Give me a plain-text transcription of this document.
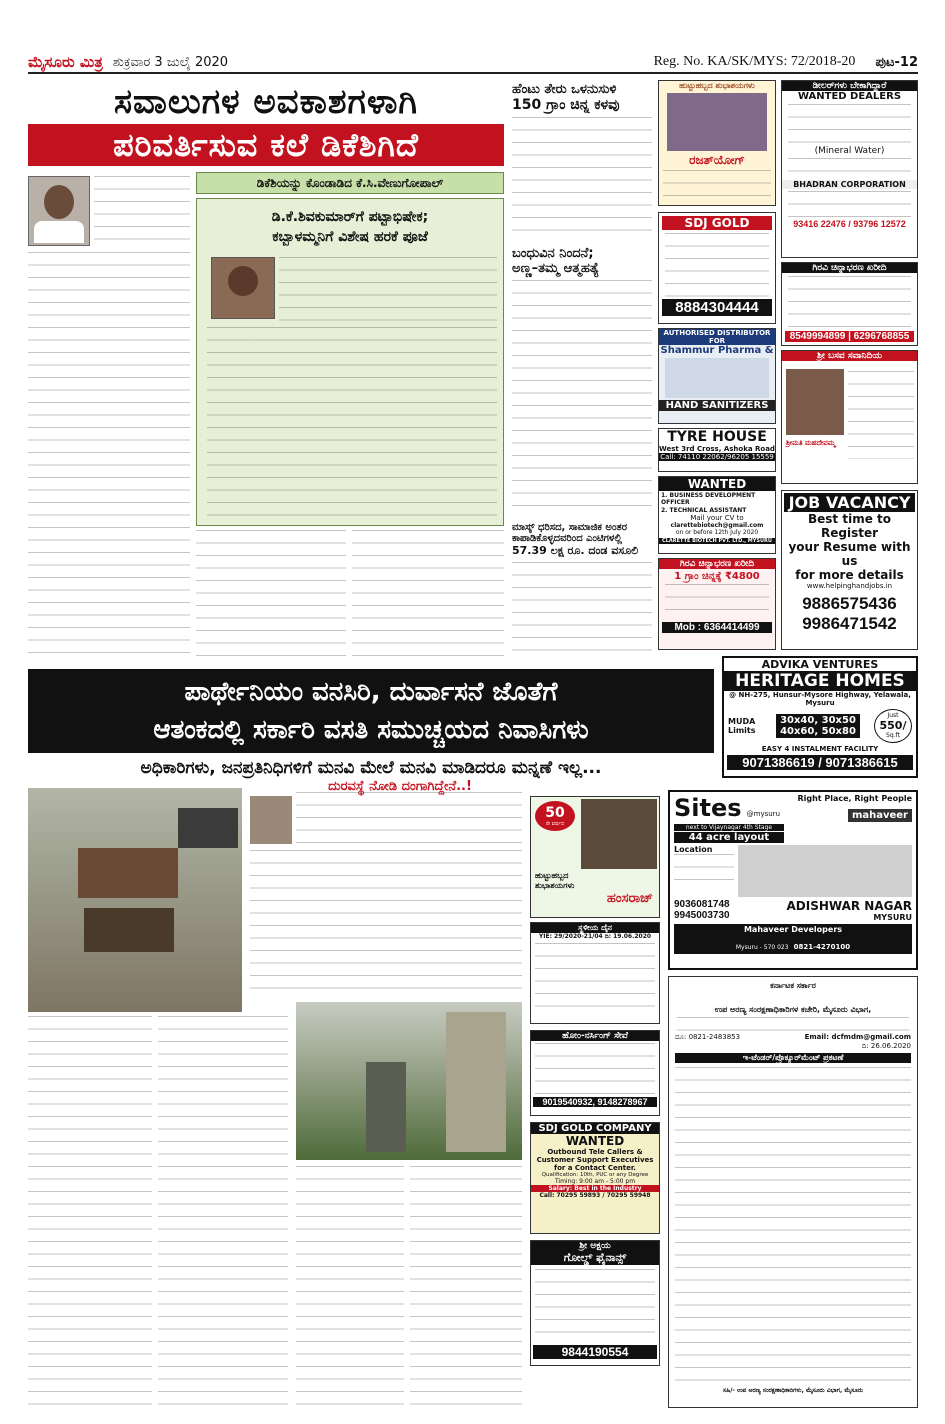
ಮೈಸೂರು ಮಿತ್ರ ಶುಕ್ರವಾರ 3 ಜುಲೈ 2020	Reg. No. KA/SK/MYS: 72/2018-20 ಪುಟ-12
ಸವಾಲುಗಳ ಅವಕಾಶಗಳಾಗಿ
ಪರಿವರ್ತಿಸುವ ಕಲೆ ಡಿಕೆಶಿಗಿದೆ
ಡಿಕೆಶಿಯನ್ನು ಕೊಂಡಾಡಿದ ಕೆ.ಸಿ.ವೇಣುಗೋಪಾಲ್
ಡಿ.ಕೆ.ಶಿವಕುಮಾರ್‌ಗೆ ಪಟ್ಟಾಭಿಷೇಕ;
ಕಬ್ಬಾಳಮ್ಮನಿಗೆ ವಿಶೇಷ ಹರಕೆ ಪೂಜೆ
ಹೆಂಟು ತೇರು ಒಳನುಸುಳಿ
150 ಗ್ರಾಂ ಚಿನ್ನ ಕಳವು
ಬಂಧುವಿನ ನಿಂದನೆ;
ಅಣ್ಣ–ತಮ್ಮ ಆತ್ಮಹತ್ಯೆ
ಮಾಸ್ಕ್ ಧರಿಸದ, ಸಾಮಾಜಿಕ ಅಂತರ
ಕಾಪಾಡಿಕೊಳ್ಳದವರಿಂದ ಎಂಟಿಗಳಲ್ಲಿ
57.39 ಲಕ್ಷ ರೂ. ದಂಡ ವಸೂಲಿ
ಹುಟ್ಟುಹಬ್ಬದ ಶುಭಾಶಯಗಳು
ರಜತ್‌ಯೋಗ್
SDJ GOLD
8884304444
AUTHORISED DISTRIBUTOR FOR
Shammur Pharma &
HAND SANITIZERS
TYRE HOUSE
West 3rd Cross, Ashoka Road
Call: 74110 22062/96205 15559
WANTED
1. BUSINESS DEVELOPMENT OFFICER
2. TECHNICAL ASSISTANT
Mail your CV to
clarettebiotech@gmail.com
on or before 12th July 2020
CLARETTE BIOTECH PVT. LTD., MYSURU
ಗಿರವಿ ಚಿನ್ನಾಭರಣ ಖರೀದಿ
1 ಗ್ರಾಂ ಚಿನ್ನಕ್ಕೆ ₹4800
Mob : 6364414499
ಡೀಲರ್‌ಗಳು ಬೇಕಾಗಿದ್ದಾರೆ
WANTED DEALERS
(Mineral Water)
BHADRAN CORPORATION
93416 22476 / 93796 12572
ಗಿರವಿ ಚಿನ್ನಾಭರಣ ಖರೀದಿ
8549994899 | 6296768855
ಶ್ರೀ ಬಸವ ಸವಾನಿದಿಯ
ಶ್ರೀಮತಿ ಮಹದೇವಮ್ಮ
JOB VACANCY
Best time to Register
your Resume with us
for more details
www.helpinghandjobs.in
9886575436
9986471542
ADVIKA VENTURES
HERITAGE HOMES
@ NH-275, Hunsur-Mysore Highway, Yelawala, Mysuru
MUDA Limits
30x40, 30x50
40x60, 50x80
Just
550/
Sq.ft
EASY 4 INSTALMENT FACILITY
9071386619 / 9071386615
ಪಾರ್ಥೇನಿಯಂ ವನಸಿರಿ, ದುರ್ವಾಸನೆ ಜೊತೆಗೆ
ಆತಂಕದಲ್ಲಿ ಸರ್ಕಾರಿ ವಸತಿ ಸಮುಚ್ಚಯದ ನಿವಾಸಿಗಳು
ಅಧಿಕಾರಿಗಳು, ಜನಪ್ರತಿನಿಧಿಗಳಿಗೆ ಮನವಿ ಮೇಲೆ ಮನವಿ ಮಾಡಿದರೂ ಮನ್ನಣೆ ಇಲ್ಲ...
ದುರವಸ್ಥೆ ನೋಡಿ ದಂಗಾಗಿದ್ದೇನೆ..!
50
ನೇ ವರ್ಷದ
ಹುಟ್ಟುಹಬ್ಬದ ಶುಭಾಶಯಗಳು
ಹಂಸರಾಜ್
ಸ್ಥಳೀಯ ದೈನ
YIE: 29/2020-21/04 ದಿ: 19.06.2020
ಹೋಂ-ನರ್ಸಿಂಗ್ ಸೇವೆ
9019540932, 9148278967
SDJ GOLD COMPANY
WANTED
Outbound Tele Callers &
Customer Support Executives
for a Contact Center.
Qualification: 10th, PUC or any Degree
Timing: 9:00 am - 5:00 pm
Salary: Best in the Industry
Call: 70295 59893 / 70295 59948
ಶ್ರೀ ಅಕ್ಷಯ
ಗೋಲ್ಡ್ ಫೈನಾನ್ಸ್
9844190554
Sites @mysuru
Right Place, Right People
mahaveer
next to Vijaynagar 4th Stage
44 acre layout
Location
9036081748
9945003730
ADISHWAR NAGAR
MYSURU
Mahaveer Developers
Mysuru - 570 023 0821-4270100
ಕರ್ನಾಟಕ ಸರ್ಕಾರ
ಉಪ ಅರಣ್ಯ ಸಂರಕ್ಷಣಾಧಿಕಾರಿಗಳ ಕಚೇರಿ, ಮೈಸೂರು ವಿಭಾಗ,
ದೂ: 0821-2483853	Email: dcfmdm@gmail.com
ದಿ: 26.06.2020
ಇ-ಟೆಂಡರ್/ಪ್ರೊಕ್ಯೂರ್‌ಮೆಂಟ್ ಪ್ರಕಟಣೆ
ಸಹಿ/- ಉಪ ಅರಣ್ಯ ಸಂರಕ್ಷಣಾಧಿಕಾರಿಗಳು, ಮೈಸೂರು ವಿಭಾಗ, ಮೈಸೂರು
